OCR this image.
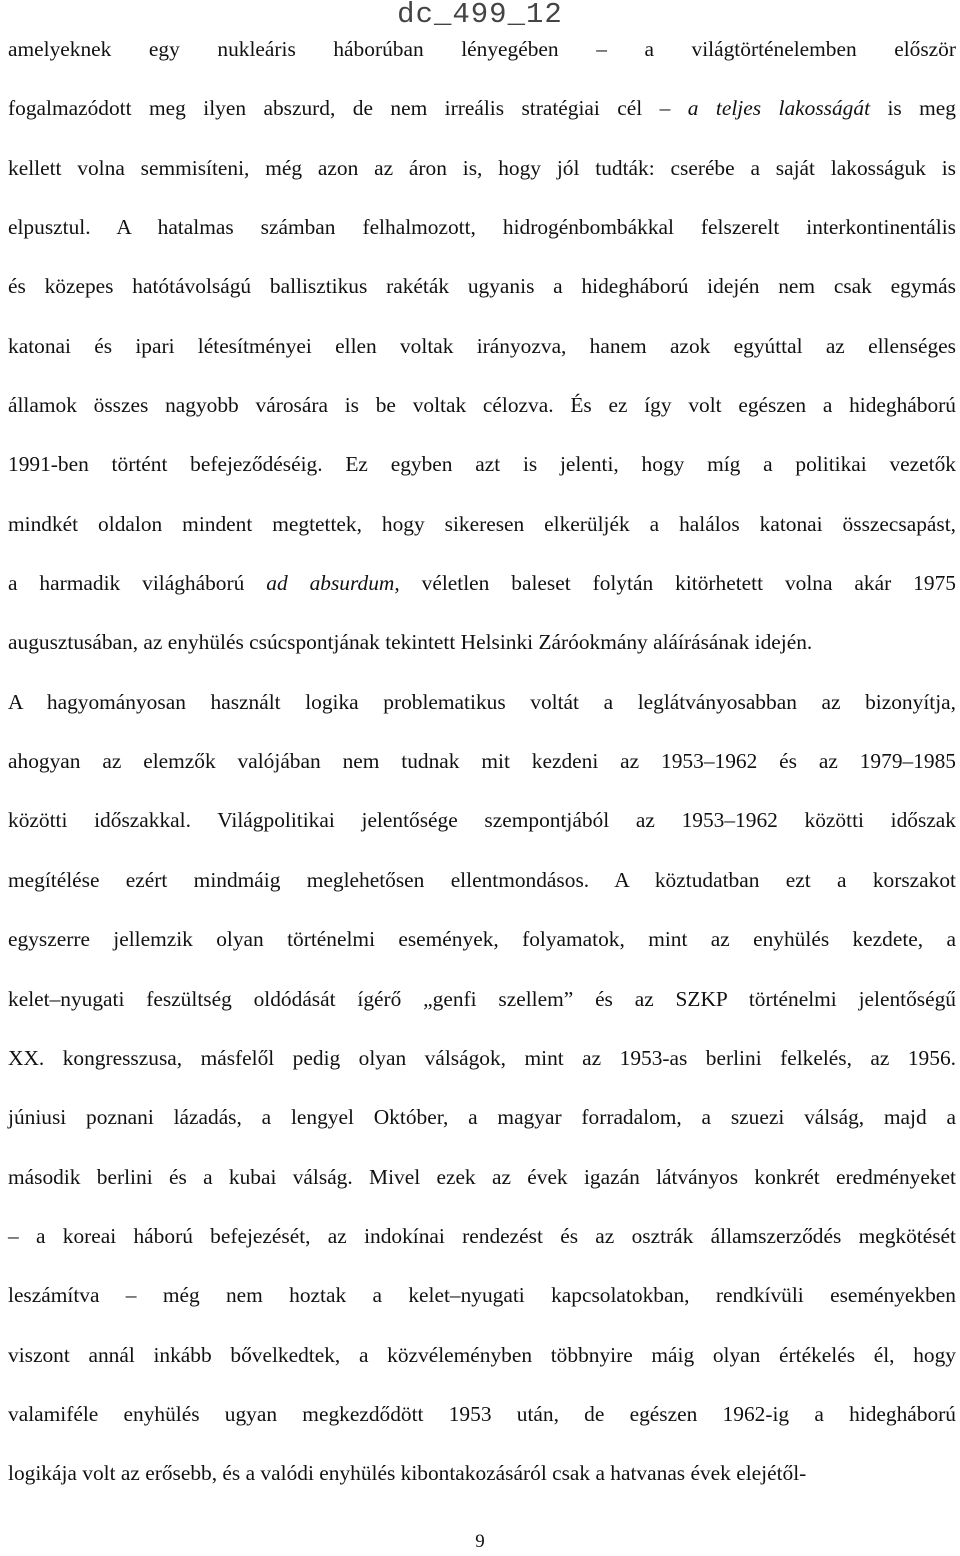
dc_499_12
amelyeknek egy nukleáris háborúban lényegében – a világtörténelemben először
fogalmazódott meg ilyen abszurd, de nem irreális stratégiai cél – a teljes lakosságát is meg
kellett volna semmisíteni, még azon az áron is, hogy jól tudták: cserébe a saját lakosságuk is
elpusztul. A hatalmas számban felhalmozott, hidrogénbombákkal felszerelt interkontinentális
és közepes hatótávolságú ballisztikus rakéták ugyanis a hidegháború idején nem csak egymás
katonai és ipari létesítményei ellen voltak irányozva, hanem azok egyúttal az ellenséges
államok összes nagyobb városára is be voltak célozva. És ez így volt egészen a hidegháború
1991-ben történt befejeződéséig. Ez egyben azt is jelenti, hogy míg a politikai vezetők
mindkét oldalon mindent megtettek, hogy sikeresen elkerüljék a halálos katonai összecsapást,
a harmadik világháború ad absurdum, véletlen baleset folytán kitörhetett volna akár 1975
augusztusában, az enyhülés csúcspontjának tekintett Helsinki Záróokmány aláírásának idején.
A hagyományosan használt logika problematikus voltát a leglátványosabban az bizonyítja,
ahogyan az elemzők valójában nem tudnak mit kezdeni az 1953–1962 és az 1979–1985
közötti időszakkal. Világpolitikai jelentősége szempontjából az 1953–1962 közötti időszak
megítélése ezért mindmáig meglehetősen ellentmondásos. A köztudatban ezt a korszakot
egyszerre jellemzik olyan történelmi események, folyamatok, mint az enyhülés kezdete, a
kelet–nyugati feszültség oldódását ígérő „genfi szellem” és az SZKP történelmi jelentőségű
XX. kongresszusa, másfelől pedig olyan válságok, mint az 1953-as berlini felkelés, az 1956.
júniusi poznani lázadás, a lengyel Október, a magyar forradalom, a szuezi válság, majd a
második berlini és a kubai válság. Mivel ezek az évek igazán látványos konkrét eredményeket
– a koreai háború befejezését, az indokínai rendezést és az osztrák államszerződés megkötését
leszámítva – még nem hoztak a kelet–nyugati kapcsolatokban, rendkívüli eseményekben
viszont annál inkább bővelkedtek, a közvéleményben többnyire máig olyan értékelés él, hogy
valamiféle enyhülés ugyan megkezdődött 1953 után, de egészen 1962-ig a hidegháború
logikája volt az erősebb, és a valódi enyhülés kibontakozásáról csak a hatvanas évek elejétől-
9
